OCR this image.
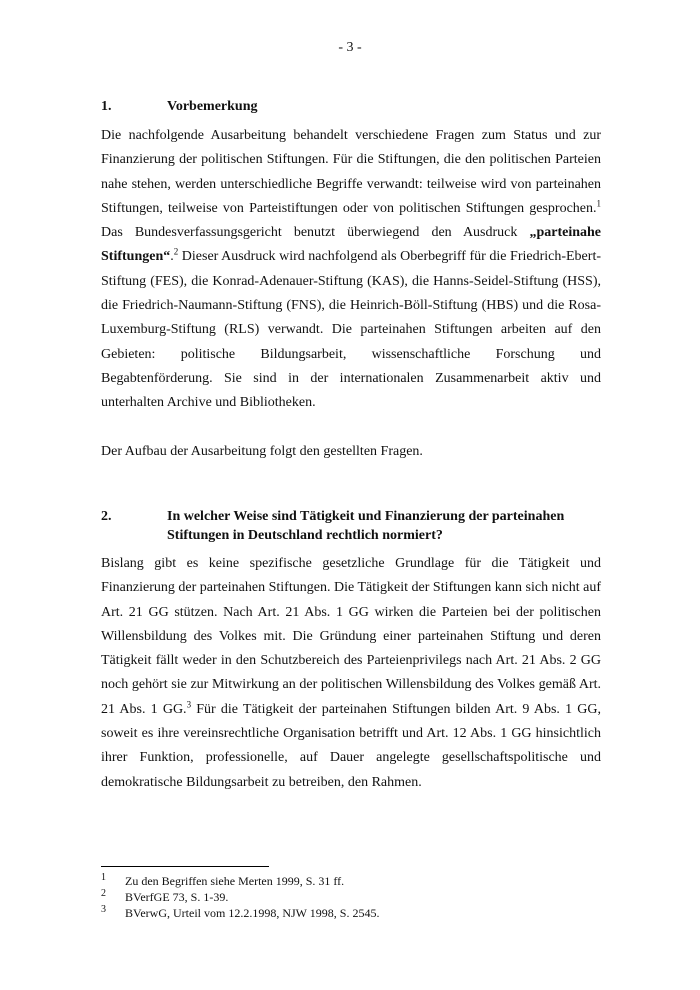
- 3 -
1.	Vorbemerkung

Die nachfolgende Ausarbeitung behandelt verschiedene Fragen zum Status und zur Finanzierung der politischen Stiftungen. Für die Stiftungen, die den politischen Parteien nahe stehen, werden unterschiedliche Begriffe verwandt: teilweise wird von parteinahen Stiftungen, teilweise von Parteistiftungen oder von politischen Stiftungen gesprochen.$^1$ Das Bundesverfassungsgericht benutzt überwiegend den Ausdruck „parteinahe Stiftungen“.$^2$ Dieser Ausdruck wird nachfolgend als Oberbegriff für die Friedrich-Ebert-Stiftung (FES), die Konrad-Adenauer-Stiftung (KAS), die Hanns-Seidel-Stiftung (HSS), die Friedrich-Naumann-Stiftung (FNS), die Heinrich-Böll-Stiftung (HBS) und die Rosa-Luxemburg-Stiftung (RLS) verwandt. Die parteinahen Stiftungen arbeiten auf den Gebieten: politische Bildungsarbeit, wissenschaftliche Forschung und Begabtenförderung. Sie sind in der internationalen Zusammenarbeit aktiv und unterhalten Archive und Bibliotheken.

Der Aufbau der Ausarbeitung folgt den gestellten Fragen.

2.	In welcher Weise sind Tätigkeit und Finanzierung der parteinahen Stiftungen in Deutschland rechtlich normiert?

Bislang gibt es keine spezifische gesetzliche Grundlage für die Tätigkeit und Finanzierung der parteinahen Stiftungen. Die Tätigkeit der Stiftungen kann sich nicht auf Art. 21 GG stützen. Nach Art. 21 Abs. 1 GG wirken die Parteien bei der politischen Willensbildung des Volkes mit. Die Gründung einer parteinahen Stiftung und deren Tätigkeit fällt weder in den Schutzbereich des Parteienprivilegs nach Art. 21 Abs. 2 GG noch gehört sie zur Mitwirkung an der politischen Willensbildung des Volkes gemäß Art. 21 Abs. 1 GG.$^3$ Für die Tätigkeit der parteinahen Stiftungen bilden Art. 9 Abs. 1 GG, soweit es ihre vereinsrechtliche Organisation betrifft und Art. 12 Abs. 1 GG hinsichtlich ihrer Funktion, professionelle, auf Dauer angelegte gesellschaftspolitische und demokratische Bildungsarbeit zu betreiben, den Rahmen.

1 Zu den Begriffen siehe Merten 1999, S. 31 ff.
2 BVerfGE 73, S. 1-39.
3 BVerwG, Urteil vom 12.2.1998, NJW 1998, S. 2545.
